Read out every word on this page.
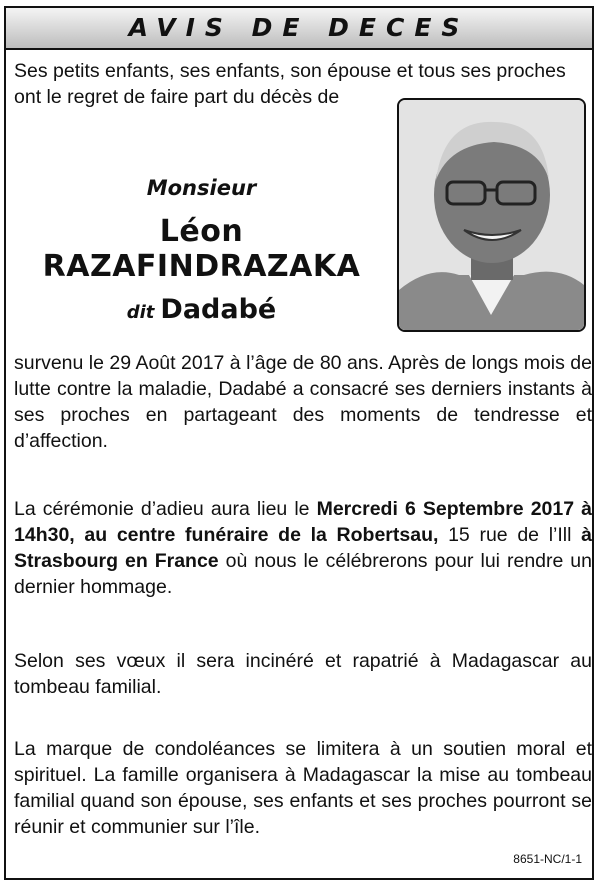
AVIS DE DECES
Ses petits enfants, ses enfants, son épouse et tous ses proches
ont le regret de faire part du décès de

Monsieur

Léon RAZAFINDRAZAKA

dit Dadabé

survenu le 29 Août 2017 à l’âge de 80 ans. Après de longs mois de lutte contre la maladie, Dadabé a consacré ses derniers instants à ses proches en partageant des moments de tendresse et d’affection.

La cérémonie d’adieu aura lieu le Mercredi 6 Septembre 2017 à 14h30, au centre funéraire de la Robertsau, 15 rue de l’Ill à Strasbourg en France où nous le célébrerons pour lui rendre un dernier hommage.

Selon ses vœux il sera incinéré et rapatrié à Madagascar au tombeau familial.

La marque de condoléances se limitera à un soutien moral et spirituel. La famille organisera à Madagascar la mise au tombeau familial quand son épouse, ses enfants et ses proches pourront se réunir et communier sur l’île.

8651-NC/1-1
